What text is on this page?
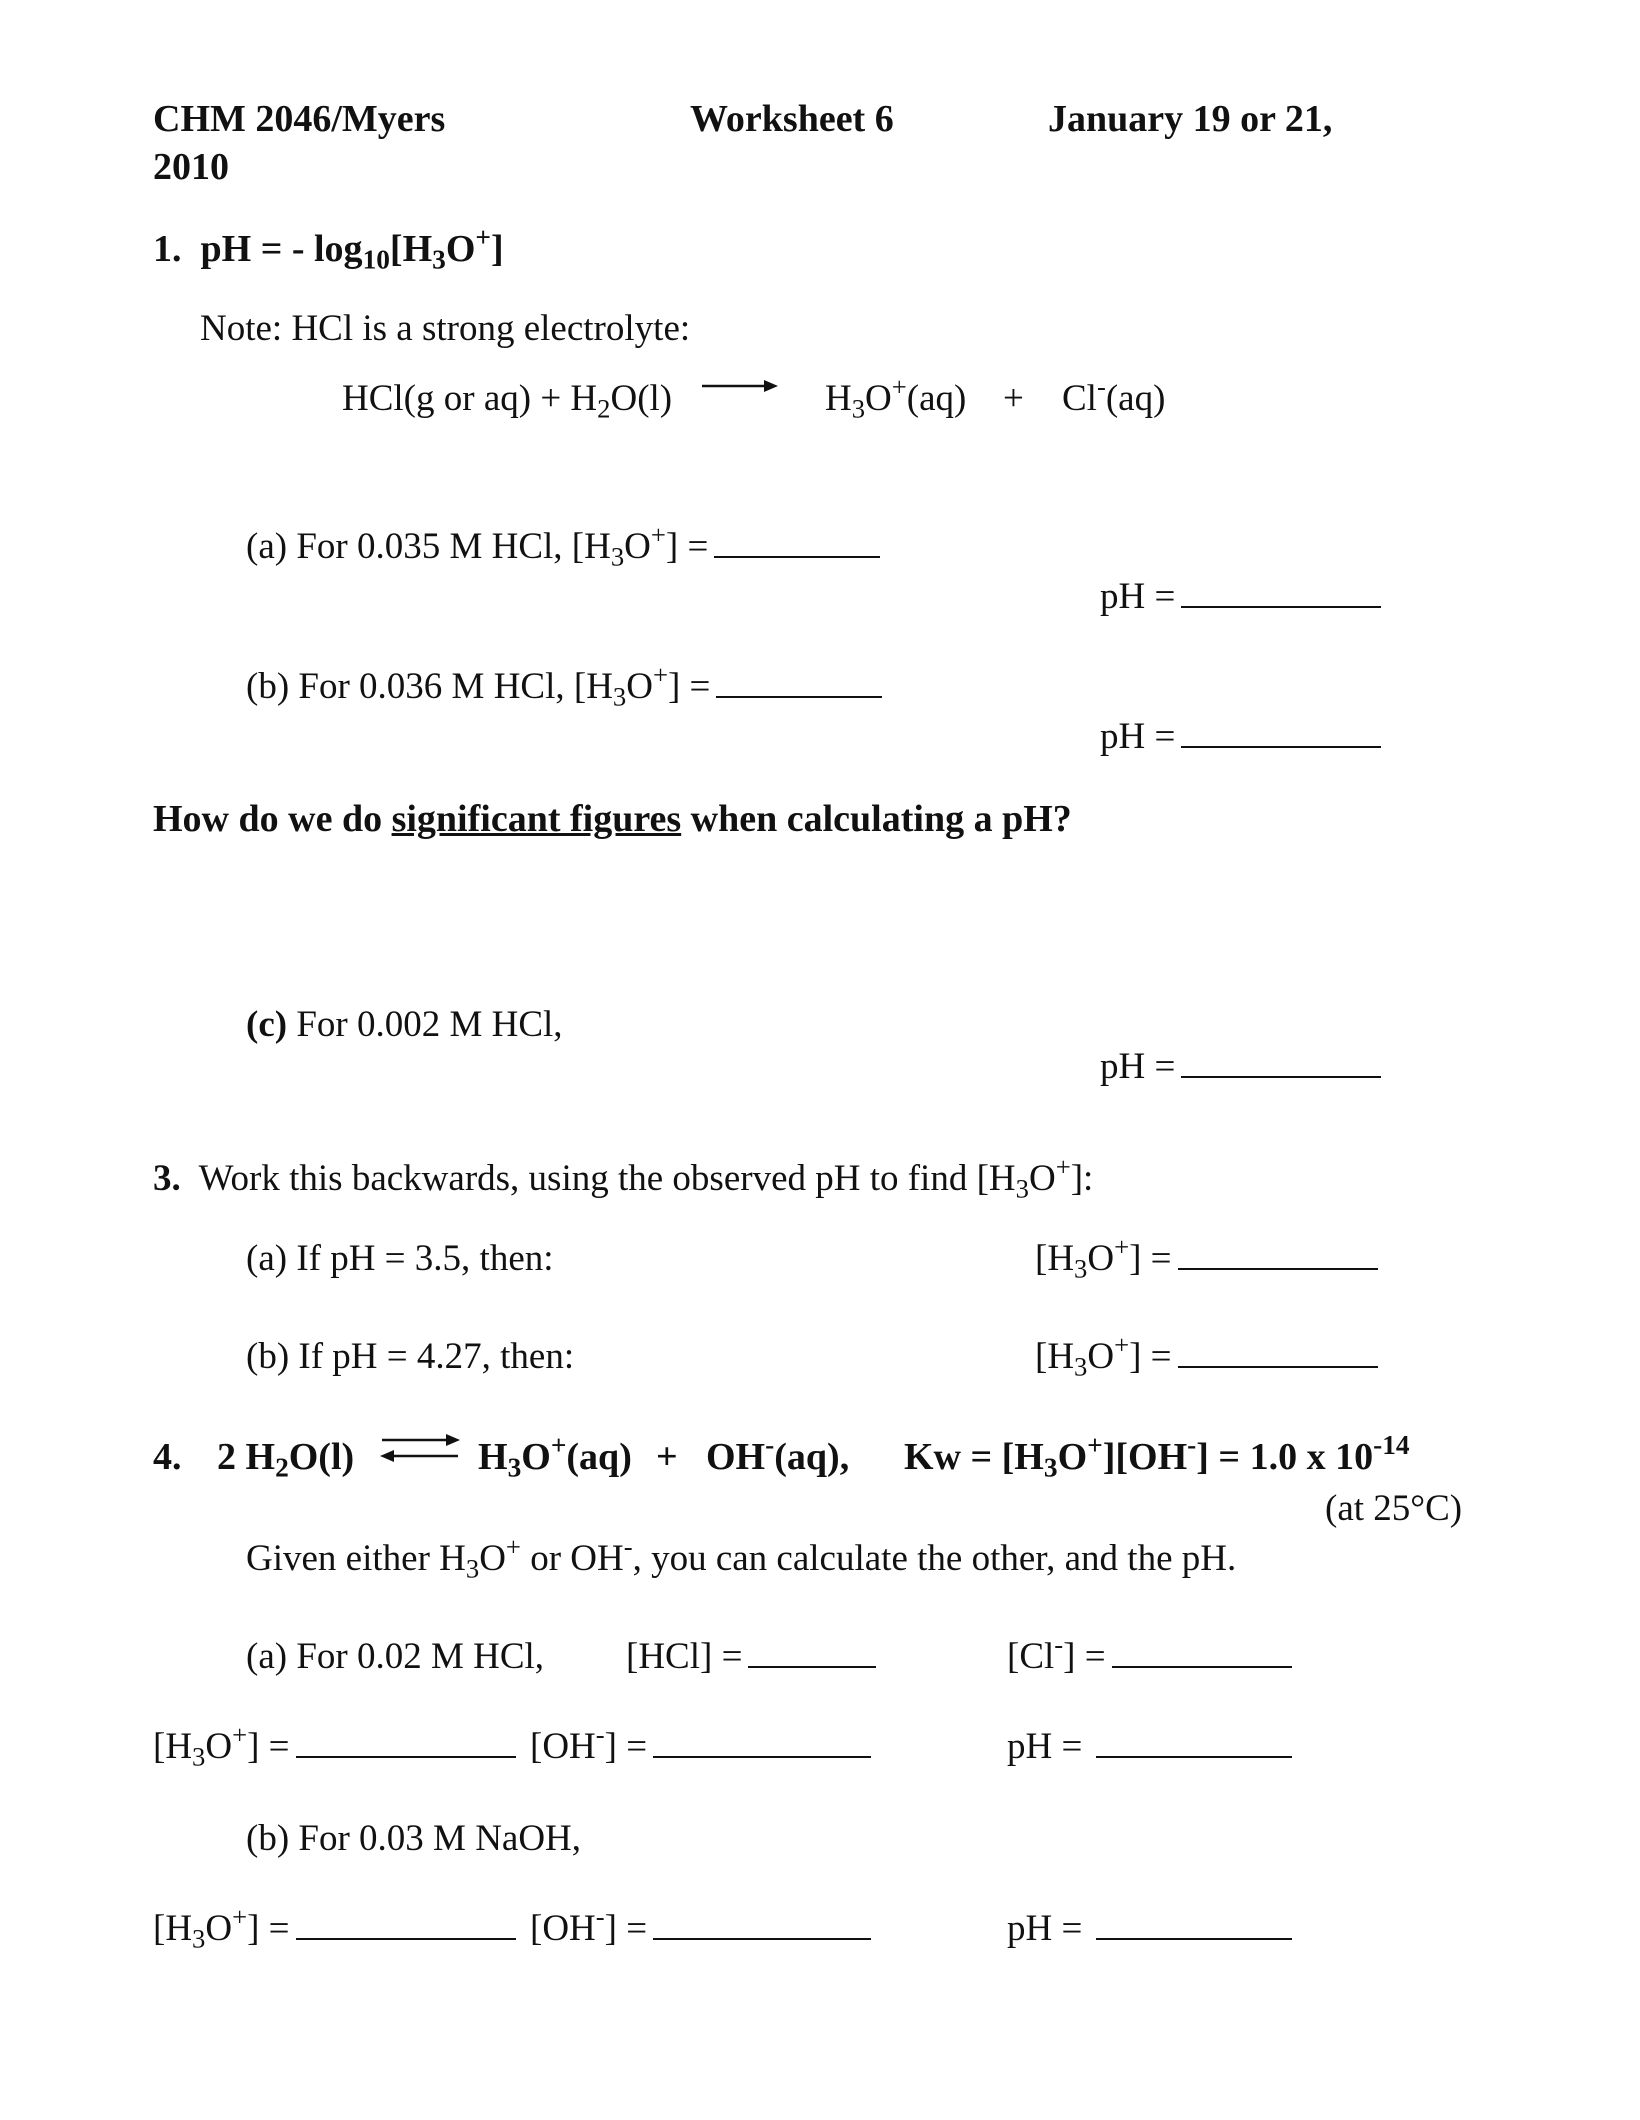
CHM 2046/Myers
2010
Worksheet 6	January 19 or 21,
1. pH = - $\log_{10}[H_3O^+]$
Note: HCl is a strong electrolyte:
HCl(g or $aq) + H_2O(l)$	$H_3O^+(aq) + Cl^-(aq)$
(a) For 0.035 M HCl, $[H_3O^+]$ =
pH =
(b) For 0.036 M HCl, $[H_3O^+]$ =
pH =
How do we do significant figures when calculating a pH?
(c) For 0.002 M HCl,
pH =
3. Work this backwards, using the observed pH to find $[H_3O^+]$:
(a) If pH = 3.5, then:	$[H_3O^+]$ =
(b) If pH = 4.27, then:	$[H_3O^+]$ =
4. 2 $H_2O(l)$	$H_3O^+(aq) + OH^-(aq)$, $Kw = [H_3O^+][OH^-] = 1.0$ x $10^{-14}$
(at 25°C)
Given either $H_3O^+$ or OH-, you can calculate the other, and the pH.
(a) For 0.02 M HCl, [HCl] =	[Cl-] =
$[H_3O^+]$ =	[OH-] =	pH =
(b) For 0.03 M NaOH,
$[H_3O^+]$ =	[OH-] =	pH =
